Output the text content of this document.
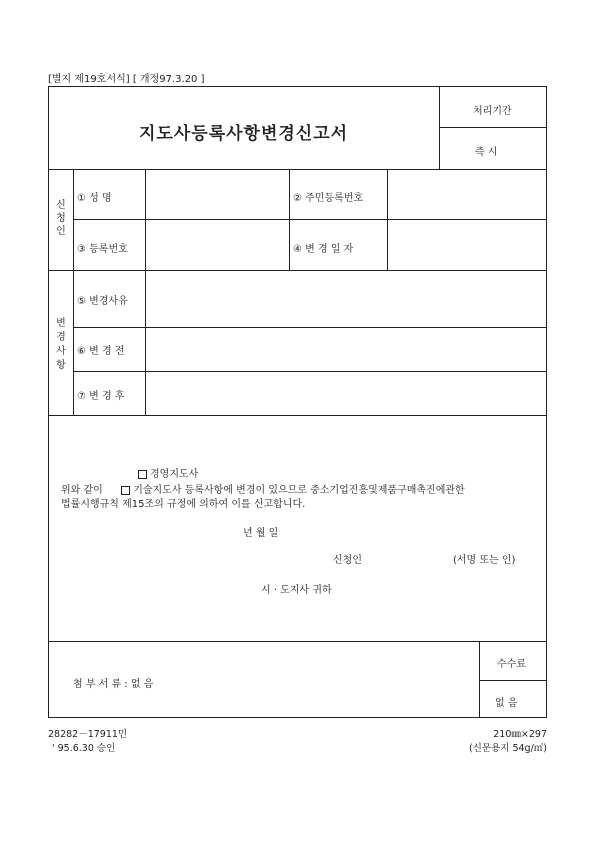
[별지 제19호서식] [ 개정97.3.20 ]
지도사등록사항변경신고서
처리기간
즉 시
신청인
① 성 명	② 주민등록번호
③ 등록번호	④ 변 경 일 자
변경사항
⑤ 변경사유
⑥ 변 경 전
⑦ 변 경 후
경영지도사
위와 같이	기술지도사 등록사항에 변경이 있으므로 중소기업진흥및제품구매촉진에관한
법률시행규칙 제15조의 규정에 의하여 이를 신고합니다.
년 월 일
신청인	(서명 또는 인)
시 · 도지사 귀하
첨 부 서 류 : 없 음
수수료
없 음
28282－17911민
' 95.6.30 승인
210㎜×297
(신문용지 54g/㎡)
